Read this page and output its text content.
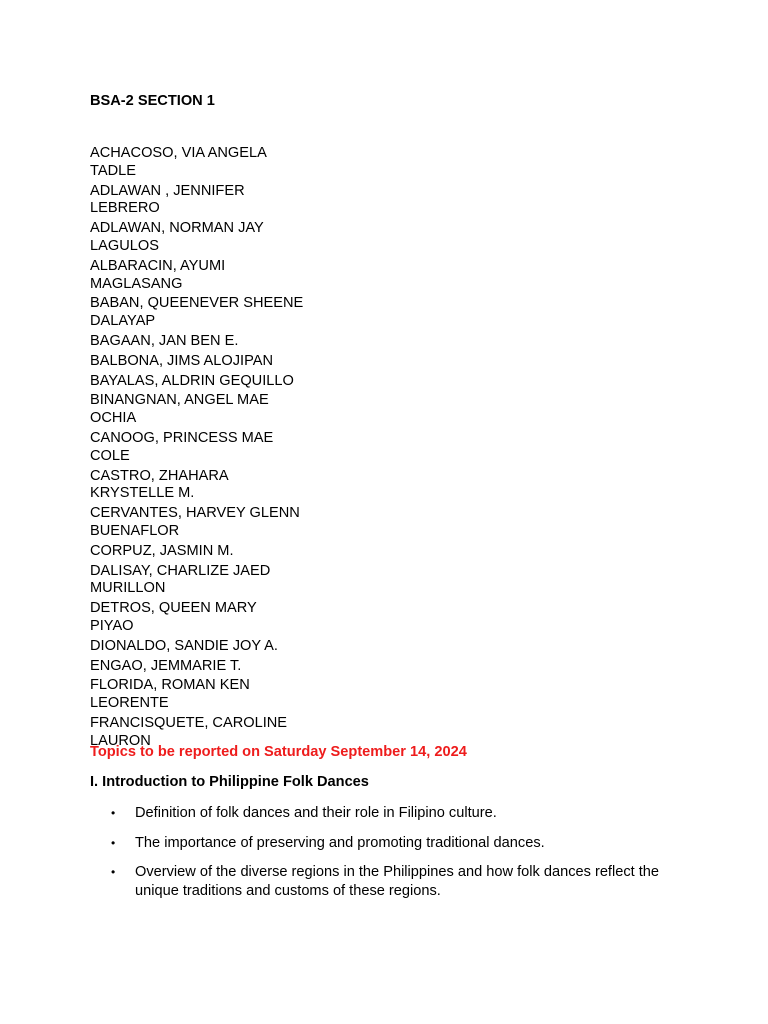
BSA-2 SECTION 1
ACHACOSO, VIA ANGELA
TADLE
ADLAWAN , JENNIFER
LEBRERO
ADLAWAN, NORMAN JAY
LAGULOS
ALBARACIN, AYUMI
MAGLASANG
BABAN, QUEENEVER SHEENE
DALAYAP
BAGAAN, JAN BEN E.
BALBONA, JIMS ALOJIPAN
BAYALAS, ALDRIN GEQUILLO
BINANGNAN, ANGEL MAE
OCHIA
CANOOG, PRINCESS MAE
COLE
CASTRO, ZHAHARA
KRYSTELLE M.
CERVANTES, HARVEY GLENN
BUENAFLOR
CORPUZ, JASMIN M.
DALISAY, CHARLIZE JAED
MURILLON
DETROS, QUEEN MARY
PIYAO
DIONALDO, SANDIE JOY A.
ENGAO, JEMMARIE T.
FLORIDA, ROMAN KEN
LEORENTE
FRANCISQUETE, CAROLINE
LAURON
Topics to be reported on Saturday September 14, 2024
I. Introduction to Philippine Folk Dances
• Definition of folk dances and their role in Filipino culture.
• The importance of preserving and promoting traditional dances.
• Overview of the diverse regions in the Philippines and how folk dances reflect the unique traditions and customs of these regions.
